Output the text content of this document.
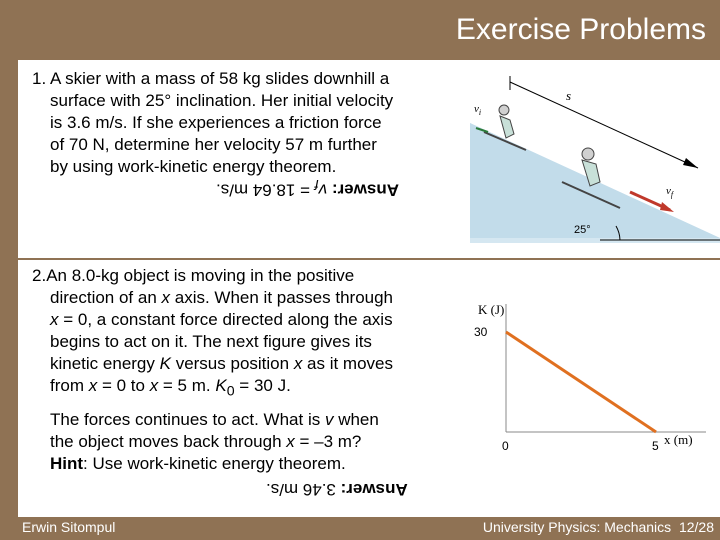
Exercise Problems
1. A skier with a mass of 58 kg slides downhill a
surface with 25° inclination. Her initial velocity
is 3.6 m/s. If she experiences a friction force
of 70 N, determine her velocity 57 m further
by using work-kinetic energy theorem.
Answer: $v_f = 18.64$ m/s.
s
$v_i$
$v_f$
25°
2.An 8.0-kg object is moving in the positive
direction of an x axis. When it passes through
x = 0, a constant force directed along the axis
begins to act on it. The next figure gives its
kinetic energy K versus position x as it moves
from x = 0 to x = 5 m. $K_0 = 30$ J.
The forces continues to act. What is v when
the object moves back through x = –3 m?
Hint: Use work-kinetic energy theorem.
Answer: 3.46 m/s.
K (J)
x (m)
0	5
30
Erwin Sitompul	University Physics: Mechanics 12/28
